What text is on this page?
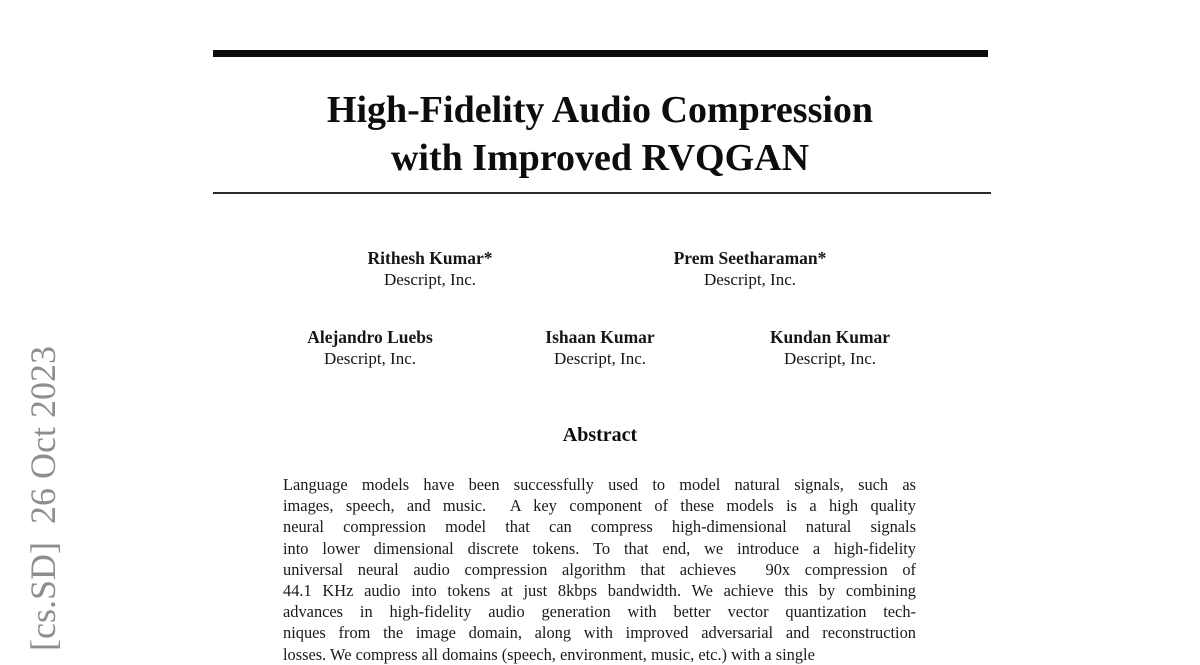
[cs.SD]  26 Oct 2023
High-Fidelity Audio Compression
with Improved RVQGAN
Rithesh Kumar*
Descript, Inc.
Prem Seetharaman*
Descript, Inc.
Alejandro Luebs
Descript, Inc.
Ishaan Kumar
Descript, Inc.
Kundan Kumar
Descript, Inc.
Abstract
Language models have been successfully used to model natural signals, such as
images, speech, and music.  A key component of these models is a high quality
neural compression model that can compress high-dimensional natural signals
into lower dimensional discrete tokens. To that end, we introduce a high-fidelity
universal neural audio compression algorithm that achieves  90x compression of
44.1 KHz audio into tokens at just 8kbps bandwidth. We achieve this by combining
advances in high-fidelity audio generation with better vector quantization tech-
niques from the image domain, along with improved adversarial and reconstruction
losses. We compress all domains (speech, environment, music, etc.) with a single
